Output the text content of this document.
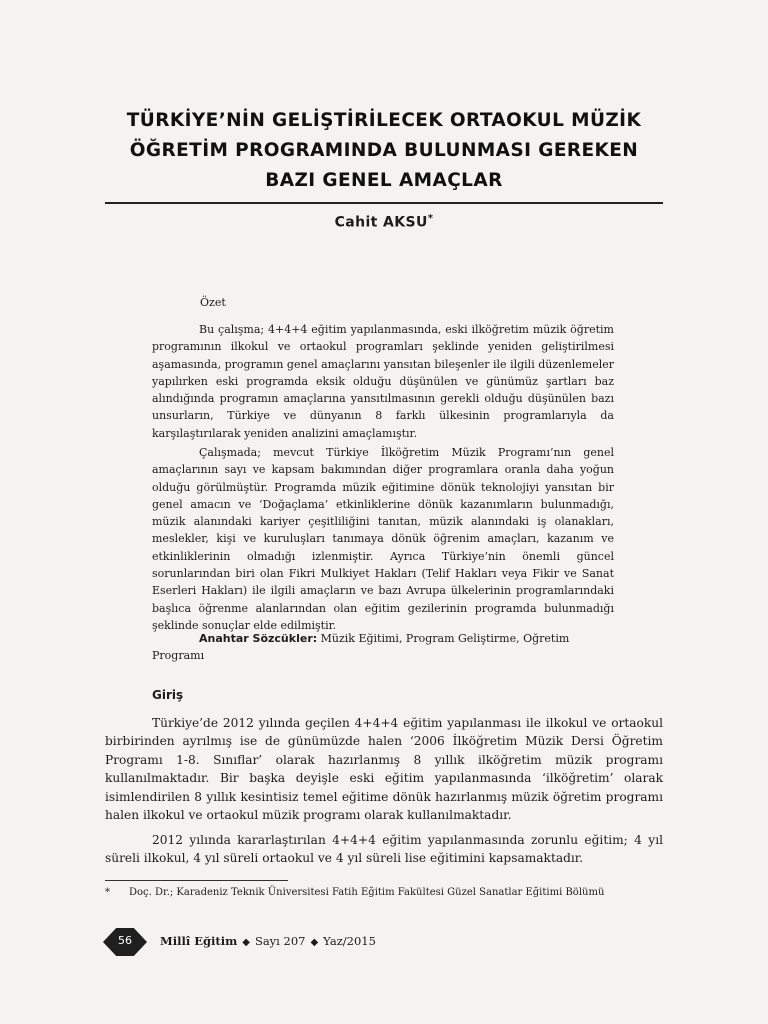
TÜRKİYE’NİN GELİŞTİRİLECEK ORTAOKUL MÜZİK
ÖĞRETİM PROGRAMINDA BULUNMASI GEREKEN
BAZI GENEL AMAÇLAR
Cahit AKSU*
Özet
Bu çalışma; 4+4+4 eğitim yapılanmasında, eski ilköğretim müzik öğretim programının ilkokul ve ortaokul programları şeklinde yeniden geliştirilmesi aşamasında, programın genel amaçlarını yansıtan bileşenler ile ilgili düzenlemeler yapılırken eski programda eksik olduğu düşünülen ve günümüz şartları baz alındığında programın amaçlarına yansıtılmasının gerekli olduğu düşünülen bazı unsurların, Türkiye ve dünyanın 8 farklı ülkesinin programlarıyla da karşılaştırılarak yeniden analizini amaçlamıştır.
Çalışmada; mevcut Türkiye İlköğretim Müzik Programı’nın genel amaçlarının sayı ve kapsam bakımından diğer programlara oranla daha yoğun olduğu görülmüştür. Programda müzik eğitimine dönük teknolojiyi yansıtan bir genel amacın ve ‘Doğaçlama’ etkinliklerine dönük kazanımların bulunmadığı, müzik alanındaki kariyer çeşitliliğini tanıtan, müzik alanındaki iş olanakları, meslekler, kişi ve kuruluşları tanımaya dönük öğrenim amaçları, kazanım ve etkinliklerinin olmadığı izlenmiştir. Ayrıca Türkiye’nin önemli güncel sorunlarından biri olan Fikri Mulkiyet Hakları (Telif Hakları veya Fikir ve Sanat Eserleri Hakları) ile ilgili amaçların ve bazı Avrupa ülkelerinin programlarındaki başlıca öğrenme alanlarından olan eğitim gezilerinin programda bulunmadığı şeklinde sonuçlar elde edilmiştir.
Anahtar Sözcükler: Müzik Eğitimi, Program Geliştirme, Oğretim Programı
Giriş
Türkiye’de 2012 yılında geçilen 4+4+4 eğitim yapılanması ile ilkokul ve ortaokul birbirinden ayrılmış ise de günümüzde halen ‘2006 İlköğretim Müzik Dersi Öğretim Programı 1-8. Sınıflar’ olarak hazırlanmış 8 yıllık ilköğretim müzik programı kullanılmaktadır. Bir başka deyişle eski eğitim yapılanmasında ‘ilköğretim’ olarak isimlendirilen 8 yıllık kesintisiz temel eğitime dönük hazırlanmış müzik öğretim programı halen ilkokul ve ortaokul müzik programı olarak kullanılmaktadır.
2012 yılında kararlaştırılan 4+4+4 eğitim yapılanmasında zorunlu eğitim; 4 yıl süreli ilkokul, 4 yıl süreli ortaokul ve 4 yıl süreli lise eğitimini kapsamaktadır.
* Doç. Dr.; Karadeniz Teknik Üniversitesi Fatih Eğitim Fakültesi Güzel Sanatlar Eğitimi Bölümü
56	Millî Eğitim ◆ Sayı 207 ◆ Yaz/2015
